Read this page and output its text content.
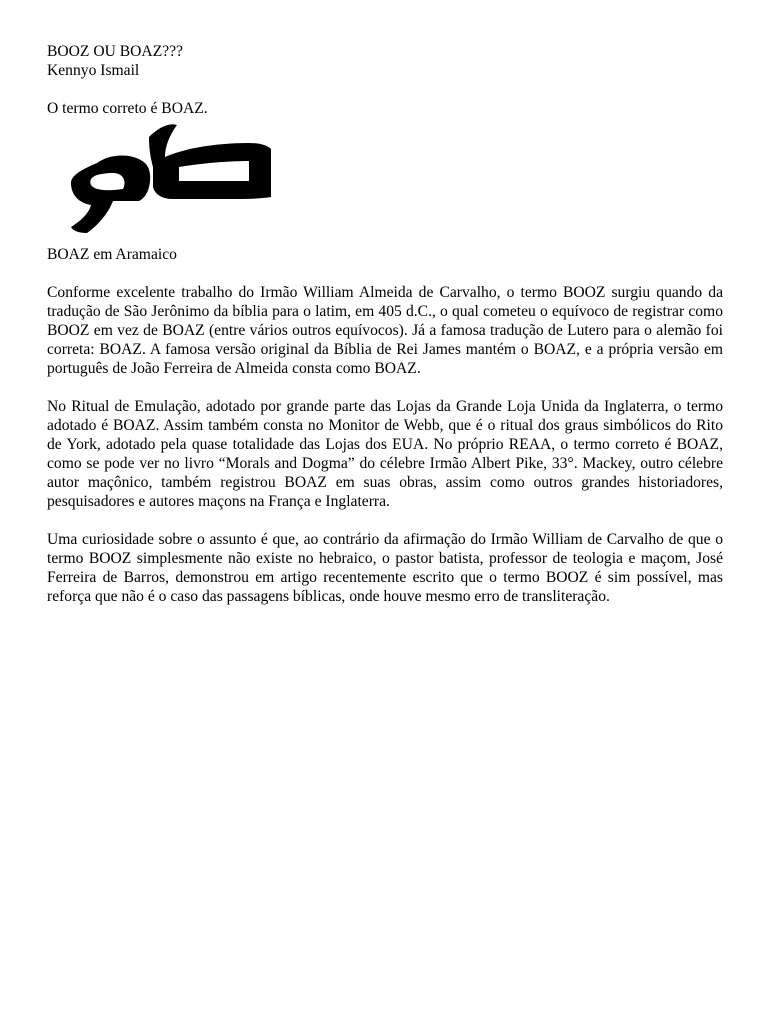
BOOZ OU BOAZ???
Kennyo Ismail
O termo correto é BOAZ.
BOAZ em Aramaico

Conforme excelente trabalho do Irmão William Almeida de Carvalho, o termo BOOZ surgiu quando da tradução de São Jerônimo da bíblia para o latim, em 405 d.C., o qual cometeu o equívoco de registrar como BOOZ em vez de BOAZ (entre vários outros equívocos). Já a famosa tradução de Lutero para o alemão foi correta: BOAZ. A famosa versão original da Bíblia de Rei James mantém o BOAZ, e a própria versão em português de João Ferreira de Almeida consta como BOAZ.

No Ritual de Emulação, adotado por grande parte das Lojas da Grande Loja Unida da Inglaterra, o termo adotado é BOAZ. Assim também consta no Monitor de Webb, que é o ritual dos graus simbólicos do Rito de York, adotado pela quase totalidade das Lojas dos EUA. No próprio REAA, o termo correto é BOAZ, como se pode ver no livro “Morals and Dogma” do célebre Irmão Albert Pike, 33°. Mackey, outro célebre autor maçônico, também registrou BOAZ em suas obras, assim como outros grandes historiadores, pesquisadores e autores maçons na França e Inglaterra.

Uma curiosidade sobre o assunto é que, ao contrário da afirmação do Irmão William de Carvalho de que o termo BOOZ simplesmente não existe no hebraico, o pastor batista, professor de teologia e maçom, José Ferreira de Barros, demonstrou em artigo recentemente escrito que o termo BOOZ é sim possível, mas reforça que não é o caso das passagens bíblicas, onde houve mesmo erro de transliteração.
